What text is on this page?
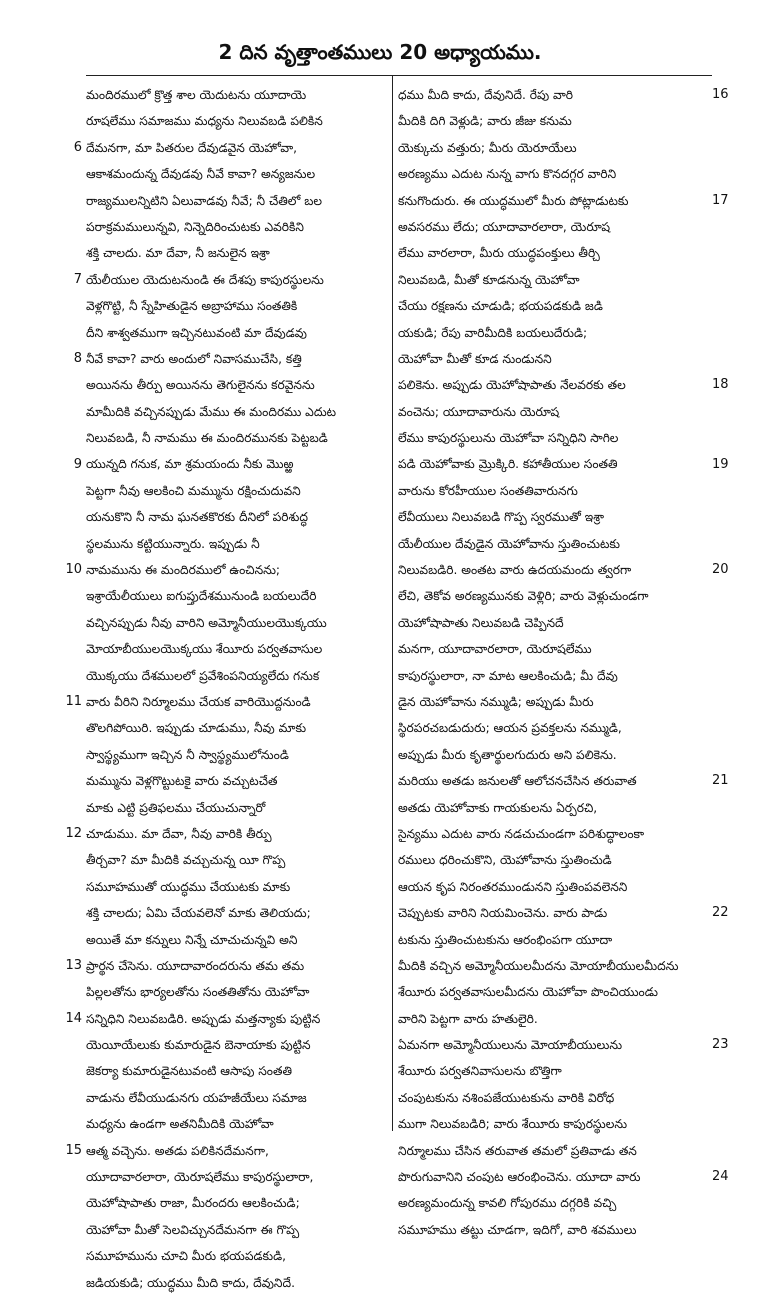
2 దిన వృత్తాంతములు 20 అధ్యాయము.
మందిరములో క్రొత్త శాల యెదుటను యూదాయె
రూషలేము సమాజము మధ్యను నిలువబడి పలికిన
దేమనగా, మా పితరుల దేవుడవైన యెహోవా,
ఆకాశమందున్న దేవుడవు నీవే కావా? అన్యజనుల
రాజ్యములన్నిటిని ఏలువాడవు నీవే; నీ చేతిలో బల
పరాక్రమములున్నవి, నిన్నెదిరించుటకు ఎవరికిని
శక్తి చాలదు. మా దేవా, నీ జనులైన ఇశ్రా
యేలీయుల యెదుటనుండి ఈ దేశపు కాపురస్థులను
వెళ్లగొట్టి, నీ స్నేహితుడైన అబ్రాహాము సంతతికి
దీని శాశ్వతముగా ఇచ్చినటువంటి మా దేవుడవు
నీవే కావా? వారు అందులో నివాసముచేసి, కత్తి
అయినను తీర్పు అయినను తెగులైనను కరవైనను
మామీదికి వచ్చినప్పుడు మేము ఈ మందిరము ఎదుట
నిలువబడి, నీ నామము ఈ మందిరమునకు పెట్టబడి
యున్నది గనుక, మా శ్రమయందు నీకు మొఱ్ఱ
పెట్టగా నీవు ఆలకించి మమ్మును రక్షించుదువని
యనుకొని నీ నామ ఘనతకొరకు దీనిలో పరిశుద్ధ
స్థలమును కట్టియున్నారు. ఇప్పుడు నీ
నామమును ఈ మందిరములో ఉంచినను;
ఇశ్రాయేలీయులు ఐగుప్తుదేశమునుండి బయలుదేరి
వచ్చినప్పుడు నీవు వారిని అమ్మోనీయులయొక్కయు
మోయాబీయులయొక్కయు శేయీరు పర్వతవాసుల
యొక్కయు దేశములలో ప్రవేశింపనియ్యలేదు గనుక
వారు వీరిని నిర్మూలము చేయక వారియొద్దనుండి
తొలగిపోయిరి. ఇప్పుడు చూడుము, నీవు మాకు
స్వాస్థ్యముగా ఇచ్చిన నీ స్వాస్థ్యములోనుండి
మమ్మును వెళ్లగొట్టుటకై వారు వచ్చుటచేత
మాకు ఎట్టి ప్రతిఫలము చేయుచున్నారో
చూడుము. మా దేవా, నీవు వారికి తీర్పు
తీర్చవా? మా మీదికి వచ్చుచున్న యీ గొప్ప
సమూహముతో యుద్ధము చేయుటకు మాకు
శక్తి చాలదు; ఏమి చేయవలెనో మాకు తెలియదు;
అయితే మా కన్నులు నిన్నే చూచుచున్నవి అని
ప్రార్థన చేసెను. యూదావారందరును తమ తమ
పిల్లలతోను భార్యలతోను సంతతితోను యెహోవా
సన్నిధిని నిలువబడిరి. అప్పుడు మత్తన్యాకు పుట్టిన
యెయీయేలుకు కుమారుడైన బెనాయాకు పుట్టిన
జెకర్యా కుమారుడైనటువంటి ఆసాపు సంతతి
వాడును లేవీయుడునగు యహజీయేలు సమాజ
మధ్యను ఉండగా అతనిమీదికి యెహోవా
ఆత్మ వచ్చెను. అతడు పలికినదేమనగా,
యూదావారలారా, యెరూషలేము కాపురస్థులారా,
యెహోషాపాతు రాజా, మీరందరు ఆలకించుడి;
యెహోవా మీతో సెలవిచ్చునదేమనగా ఈ గొప్ప
సమూహమును చూచి మీరు భయపడకుడి,
జడియకుడి; యుద్ధము మీది కాదు, దేవునిదే.
6
7
8
9
10
11
12
13
14
15
ధము మీది కాదు, దేవునిదే. రేపు వారి
మీదికి దిగి వెళ్లుడి; వారు జీజు కనుమ
యెక్కుచు వత్తురు; మీరు యెరూయేలు
అరణ్యము ఎదుట నున్న వాగు కొనదగ్గర వారిని
కనుగొందురు. ఈ యుద్ధములో మీరు పోట్లాడుటకు
అవసరము లేదు; యూదావారలారా, యెరూష
లేము వారలారా, మీరు యుద్ధపంక్తులు తీర్చి
నిలువబడి, మీతో కూడనున్న యెహోవా
చేయు రక్షణను చూడుడి; భయపడకుడి జడి
యకుడి; రేపు వారిమీదికి బయలుదేరుడి;
యెహోవా మీతో కూడ నుండునని
పలికెను. అప్పుడు యెహోషాపాతు నేలవరకు తల
వంచెను; యూదావారును యెరూష
లేము కాపురస్థులును యెహోవా సన్నిధిని సాగిల
పడి యెహోవాకు మ్రొక్కిరి. కహాతీయుల సంతతి
వారును కోరహీయుల సంతతివారునగు
లేవీయులు నిలువబడి గొప్ప స్వరముతో ఇశ్రా
యేలీయుల దేవుడైన యెహోవాను స్తుతించుటకు
నిలువబడిరి. అంతట వారు ఉదయమందు త్వరగా
లేచి, తెకోవ అరణ్యమునకు వెళ్లిరి; వారు వెళ్లుచుండగా
యెహోషాపాతు నిలువబడి చెప్పినదే
మనగా, యూదావారలారా, యెరూషలేము
కాపురస్థులారా, నా మాట ఆలకించుడి; మీ దేవు
డైన యెహోవాను నమ్ముడి; అప్పుడు మీరు
స్థిరపరచబడుదురు; ఆయన ప్రవక్తలను నమ్ముడి,
అప్పుడు మీరు కృతార్థులగుదురు అని పలికెను.
మరియు అతడు జనులతో ఆలోచనచేసిన తరువాత
అతడు యెహోవాకు గాయకులను ఏర్పరచి,
సైన్యము ఎదుట వారు నడచుచుండగా పరిశుద్ధాలంకా
రములు ధరించుకొని, యెహోవాను స్తుతించుడి
ఆయన కృప నిరంతరముండునని స్తుతింపవలెనని
చెప్పుటకు వారిని నియమించెను. వారు పాడు
టకును స్తుతించుటకును ఆరంభింపగా యూదా
మీదికి వచ్చిన అమ్మోనీయులమీదను మోయాబీయులమీదను
శేయీరు పర్వతవాసులమీదను యెహోవా పొంచియుండు
వారిని పెట్టగా వారు హతులైరి.
ఏమనగా అమ్మోనీయులును మోయాబీయులును
శేయీరు పర్వతనివాసులను బొత్తిగా
చంపుటకును నశింపజేయుటకును వారికి విరోధ
ముగా నిలువబడిరి; వారు శేయీరు కాపురస్థులను
నిర్మూలము చేసిన తరువాత తమలో ప్రతివాడు తన
పొరుగువానిని చంపుట ఆరంభించెను. యూదా వారు
అరణ్యమందున్న కావలి గోపురము దగ్గరికి వచ్చి
సమూహము తట్టు చూడగా, ఇదిగో, వారి శవములు
16
17
18
19
20
21
22
23
24
